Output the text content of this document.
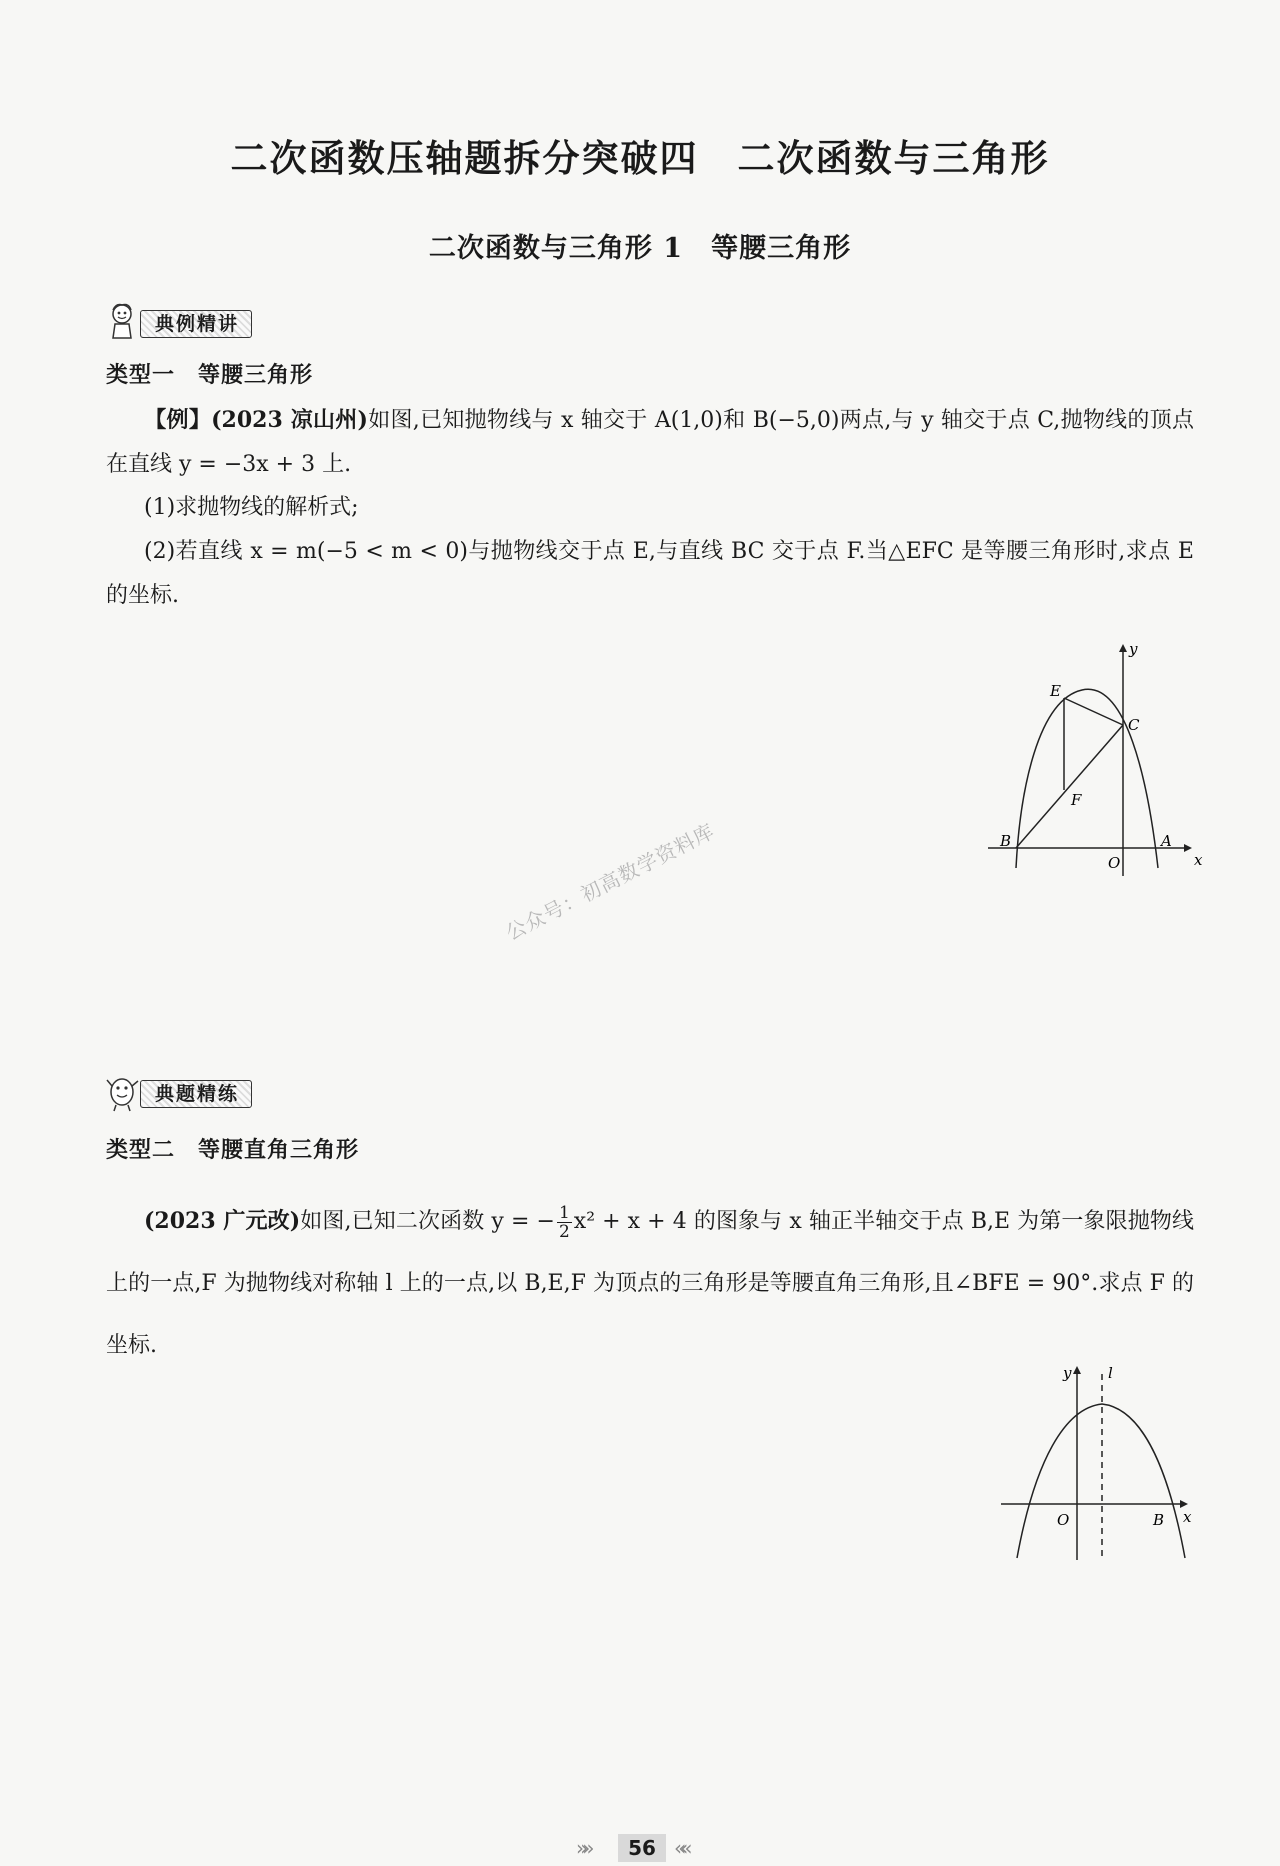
二次函数压轴题拆分突破四　二次函数与三角形
二次函数与三角形 1　等腰三角形
典例精讲
类型一　等腰三角形
【例】(2023 凉山州)如图,已知抛物线与 x 轴交于 A(1,0)和 B(−5,0)两点,与 y 轴交于点 C,抛物线的顶点在直线 y = −3x + 3 上.
(1)求抛物线的解析式;
(2)若直线 x = m(−5 < m < 0)与抛物线交于点 E,与直线 BC 交于点 F.当△EFC 是等腰三角形时,求点 E 的坐标.
y
x
E
C
F
B
O
A
公众号：初高数学资料库
典题精练
类型二　等腰直角三角形
(2023 广元改)如图,已知二次函数 y = − $\frac{1}{2} x^2 + x + 4$ 的图象与 x 轴正半轴交于点 B,E 为第一象限抛物线上的一点,F 为抛物线对称轴 l 上的一点,以 B,E,F 为顶点的三角形是等腰直角三角形,且∠BFE = 90°.求点 F 的坐标.
y l
O	B x
»»	56 ««
